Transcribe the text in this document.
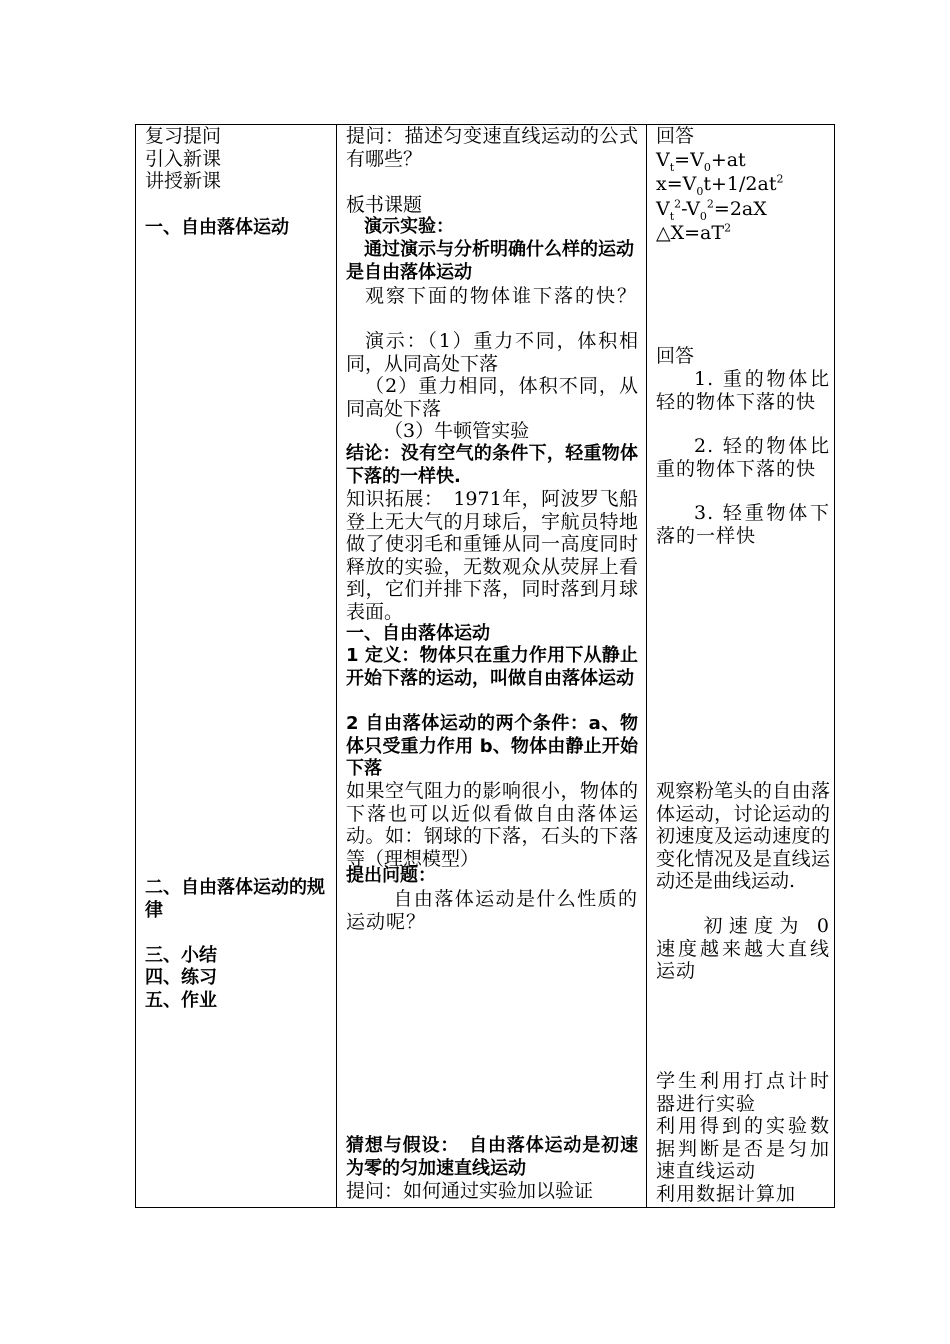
复习提问

引入新课

讲授新课

一、自由落体运动

二、自由落体运动的规律

三、小结

四、练习

五、作业

提问：描述匀变速直线运动的公式有哪些？

板书课题

演示实验：

通过演示与分析明确什么样的运动是自由落体运动

观察下面的物体谁下落的快？

演示：（1）重力不同，体积相同，从同高处下落

（2）重力相同，体积不同，从同高处下落

（3）牛顿管实验

结论：没有空气的条件下，轻重物体下落的一样快.

知识拓展：　1971年，阿波罗飞船登上无大气的月球后，宇航员特地做了使羽毛和重锤从同一高度同时释放的实验，无数观众从荧屏上看到，它们并排下落，同时落到月球表面。

一、自由落体运动

1 定义：物体只在重力作用下从静止开始下落的运动，叫做自由落体运动

2 自由落体运动的两个条件：a、物体只受重力作用 b、物体由静止开始下落

如果空气阻力的影响很小，物体的下落也可以近似看做自由落体运动。如：钢球的下落，石头的下落等（理想模型）

提出问题：

自由落体运动是什么性质的运动呢？

猜想与假设：　自由落体运动是初速为零的匀加速直线运动

提问：如何通过实验加以验证

回答

$V_t=V_0+at$

$x=V_0t+1/2at^2$

$V_t^2-V_0^2=2aX$

$\triangle X=aT^2$

回答

1. 重的物体比轻的物体下落的快

2. 轻的物体比重的物体下落的快

3. 轻重物体下落的一样快

观察粉笔头的自由落体运动，讨论运动的初速度及运动速度的变化情况及是直线运动还是曲线运动.

初速度为 0 速度越来越大直线运动

学生利用打点计时器进行实验

利用得到的实验数据判断是否是匀加速直线运动

利用数据计算加
